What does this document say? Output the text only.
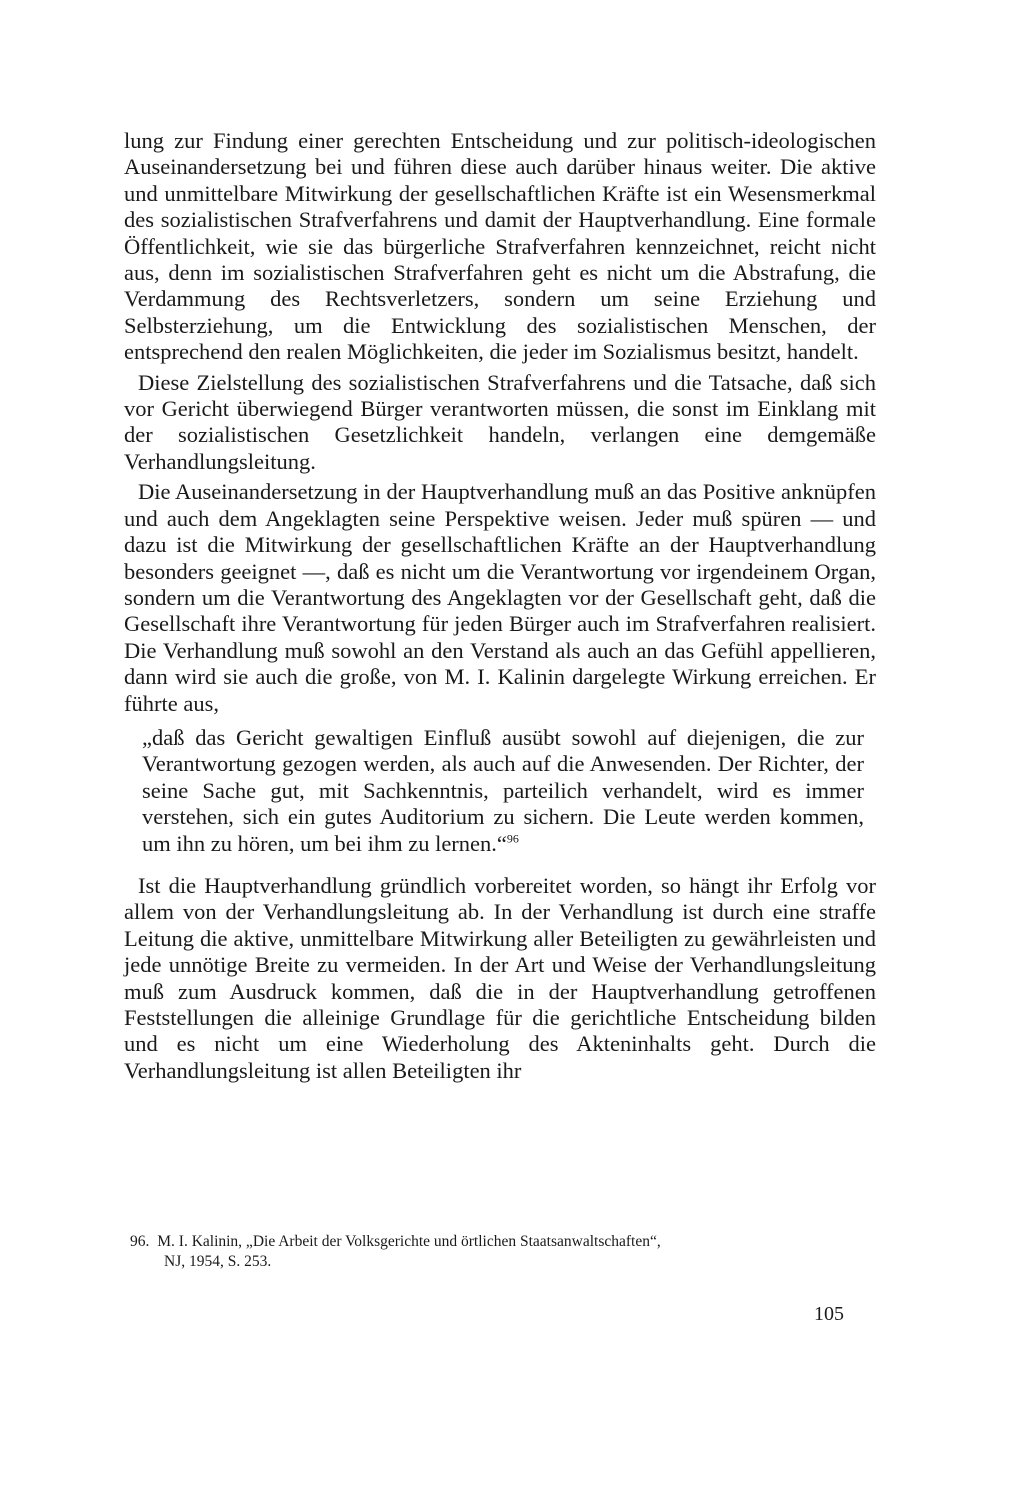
lung zur Findung einer gerechten Entscheidung und zur politisch-ideologischen Auseinandersetzung bei und führen diese auch darüber hinaus weiter. Die aktive und unmittelbare Mitwirkung der gesellschaftlichen Kräfte ist ein Wesensmerkmal des sozialistischen Strafverfahrens und damit der Hauptverhandlung. Eine formale Öffentlichkeit, wie sie das bürgerliche Strafverfahren kennzeichnet, reicht nicht aus, denn im sozialistischen Strafverfahren geht es nicht um die Abstrafung, die Verdammung des Rechtsverletzers, sondern um seine Erziehung und Selbsterziehung, um die Entwicklung des sozialistischen Menschen, der entsprechend den realen Möglichkeiten, die jeder im Sozialismus besitzt, handelt.

Diese Zielstellung des sozialistischen Strafverfahrens und die Tatsache, daß sich vor Gericht überwiegend Bürger verantworten müssen, die sonst im Einklang mit der sozialistischen Gesetzlichkeit handeln, verlangen eine demgemäße Verhandlungsleitung.

Die Auseinandersetzung in der Hauptverhandlung muß an das Positive anknüpfen und auch dem Angeklagten seine Perspektive weisen. Jeder muß spüren — und dazu ist die Mitwirkung der gesellschaftlichen Kräfte an der Hauptverhandlung besonders geeignet —, daß es nicht um die Verantwortung vor irgendeinem Organ, sondern um die Verantwortung des Angeklagten vor der Gesellschaft geht, daß die Gesellschaft ihre Verantwortung für jeden Bürger auch im Strafverfahren realisiert. Die Verhandlung muß sowohl an den Verstand als auch an das Gefühl appellieren, dann wird sie auch die große, von M. I. Kalinin dargelegte Wirkung erreichen. Er führte aus,

„daß das Gericht gewaltigen Einfluß ausübt sowohl auf diejenigen, die zur Verantwortung gezogen werden, als auch auf die Anwesenden. Der Richter, der seine Sache gut, mit Sachkenntnis, parteilich verhandelt, wird es immer verstehen, sich ein gutes Auditorium zu sichern. Die Leute werden kommen, um ihn zu hören, um bei ihm zu lernen.“$^{96}$

Ist die Hauptverhandlung gründlich vorbereitet worden, so hängt ihr Erfolg vor allem von der Verhandlungsleitung ab. In der Verhandlung ist durch eine straffe Leitung die aktive, unmittelbare Mitwirkung aller Beteiligten zu gewährleisten und jede unnötige Breite zu vermeiden. In der Art und Weise der Verhandlungsleitung muß zum Ausdruck kommen, daß die in der Hauptverhandlung getroffenen Feststellungen die alleinige Grundlage für die gerichtliche Entscheidung bilden und es nicht um eine Wiederholung des Akteninhalts geht. Durch die Verhandlungsleitung ist allen Beteiligten ihr

96. M. I. Kalinin, „Die Arbeit der Volksgerichte und örtlichen Staatsanwaltschaften“,
NJ, 1954, S. 253.
105
